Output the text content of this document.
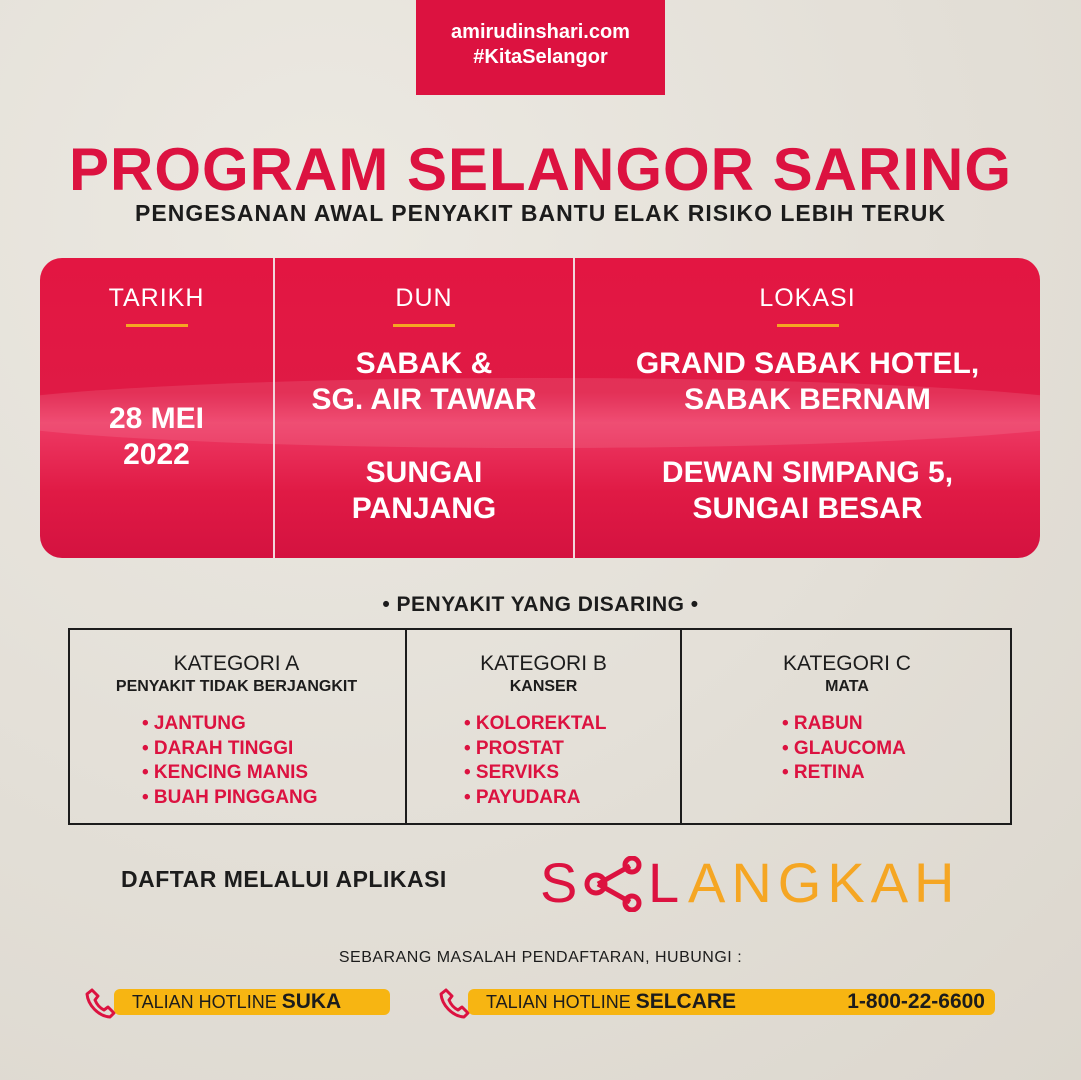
amirudinshari.com
#KitaSelangor
PROGRAM SELANGOR SARING
PENGESANAN AWAL PENYAKIT BANTU ELAK RISIKO LEBIH TERUK
TARIKH
28 MEI
2022
DUN
SABAK &
SG. AIR TAWAR
SUNGAI
PANJANG
LOKASI
GRAND SABAK HOTEL,
SABAK BERNAM
DEWAN SIMPANG 5,
SUNGAI BESAR
• PENYAKIT YANG DISARING •
KATEGORI A
PENYAKIT TIDAK BERJANGKIT
• JANTUNG
• DARAH TINGGI
• KENCING MANIS
• BUAH PINGGANG
KATEGORI B
KANSER
• KOLOREKTAL
• PROSTAT
• SERVIKS
• PAYUDARA
KATEGORI C
MATA
• RABUN
• GLAUCOMA
• RETINA
DAFTAR MELALUI APLIKASI S L ANGKAH
SEBARANG MASALAH PENDAFTARAN, HUBUNGI :
TALIAN HOTLINE SUKA	TALIAN HOTLINE SELCARE	1-800-22-6600
